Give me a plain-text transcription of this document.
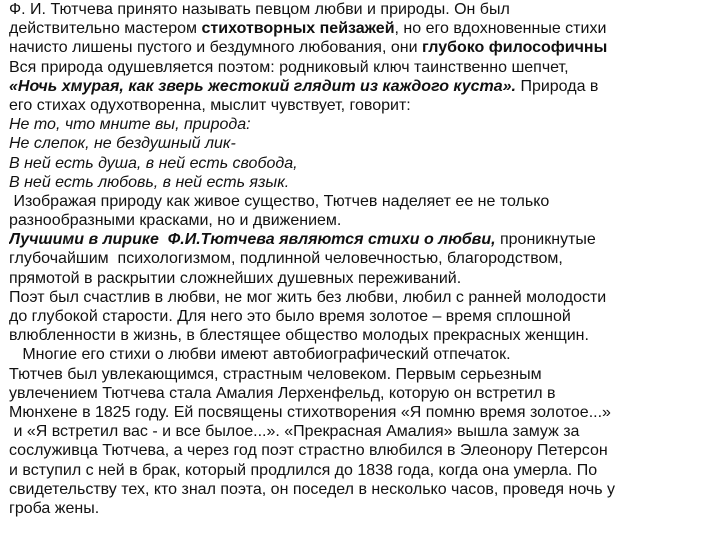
Ф. И. Тютчева принято называть певцом любви и природы. Он был
действительно мастером стихотворных пейзажей, но его вдохновенные стихи
начисто лишены пустого и бездумного любования, они глубоко философичны
Вся природа одушевляется поэтом: родниковый ключ таинственно шепчет,
«Ночь хмурая, как зверь жестокий глядит из каждого куста». Природа в
его стихах одухотворенна, мыслит чувствует, говорит:
Не то, что мните вы, природа:
Не слепок, не бездушный лик-
В ней есть душа, в ней есть свобода,
В ней есть любовь, в ней есть язык.
Изображая природу как живое существо, Тютчев наделяет ее не только
разнообразными красками, но и движением.
Лучшими в лирике  Ф.И.Тютчева являются стихи о любви, проникнутые
глубочайшим  психологизмом, подлинной человечностью, благородством,
прямотой в раскрытии сложнейших душевных переживаний.
Поэт был счастлив в любви, не мог жить без любви, любил с ранней молодости
до глубокой старости. Для него это было время золотое – время сплошной
влюбленности в жизнь, в блестящее общество молодых прекрасных женщин.
Многие его стихи о любви имеют автобиографический отпечаток.
Тютчев был увлекающимся, страстным человеком. Первым серьезным
увлечением Тютчева стала Амалия Лерхенфельд, которую он встретил в
Мюнхене в 1825 году. Ей посвящены стихотворения «Я помню время золотое...»
и «Я встретил вас - и все былое...». «Прекрасная Амалия» вышла замуж за
сослуживца Тютчева, а через год поэт страстно влюбился в Элеонору Петерсон
и вступил с ней в брак, который продлился до 1838 года, когда она умерла. По
свидетельству тех, кто знал поэта, он поседел в несколько часов, проведя ночь у
гроба жены.
